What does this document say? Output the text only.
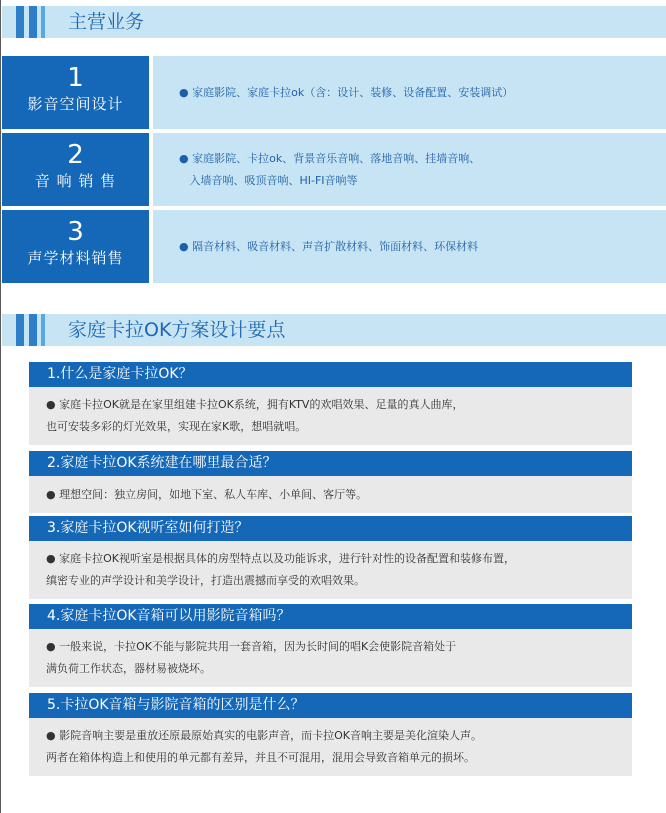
主营业务
1
影音空间设计
● 家庭影院、家庭卡拉ok（含：设计、装修、设备配置、安装调试）
2
音 响 销 售
● 家庭影院、卡拉ok、背景音乐音响、落地音响、挂墙音响、
入墙音响、吸顶音响、HI-FI音响等
3
声学材料销售
● 隔音材料、吸音材料、声音扩散材料、饰面材料、环保材料
家庭卡拉OK方案设计要点
1.什么是家庭卡拉OK？
● 家庭卡拉OK就是在家里组建卡拉OK系统，拥有KTV的欢唱效果、足量的真人曲库，
也可安装多彩的灯光效果，实现在家K歌，想唱就唱。
2.家庭卡拉OK系统建在哪里最合适？
● 理想空间：独立房间，如地下室、私人车库、小单间、客厅等。
3.家庭卡拉OK视听室如何打造？
● 家庭卡拉OK视听室是根据具体的房型特点以及功能诉求，进行针对性的设备配置和装修布置，
缜密专业的声学设计和美学设计，打造出震撼而享受的欢唱效果。
4.家庭卡拉OK音箱可以用影院音箱吗？
● 一般来说，卡拉OK不能与影院共用一套音箱，因为长时间的唱K会使影院音箱处于
满负荷工作状态，器材易被烧坏。
5.卡拉OK音箱与影院音箱的区别是什么？
● 影院音响主要是重放还原最原始真实的电影声音，而卡拉OK音响主要是美化渲染人声。
两者在箱体构造上和使用的单元都有差异，并且不可混用，混用会导致音箱单元的损坏。
